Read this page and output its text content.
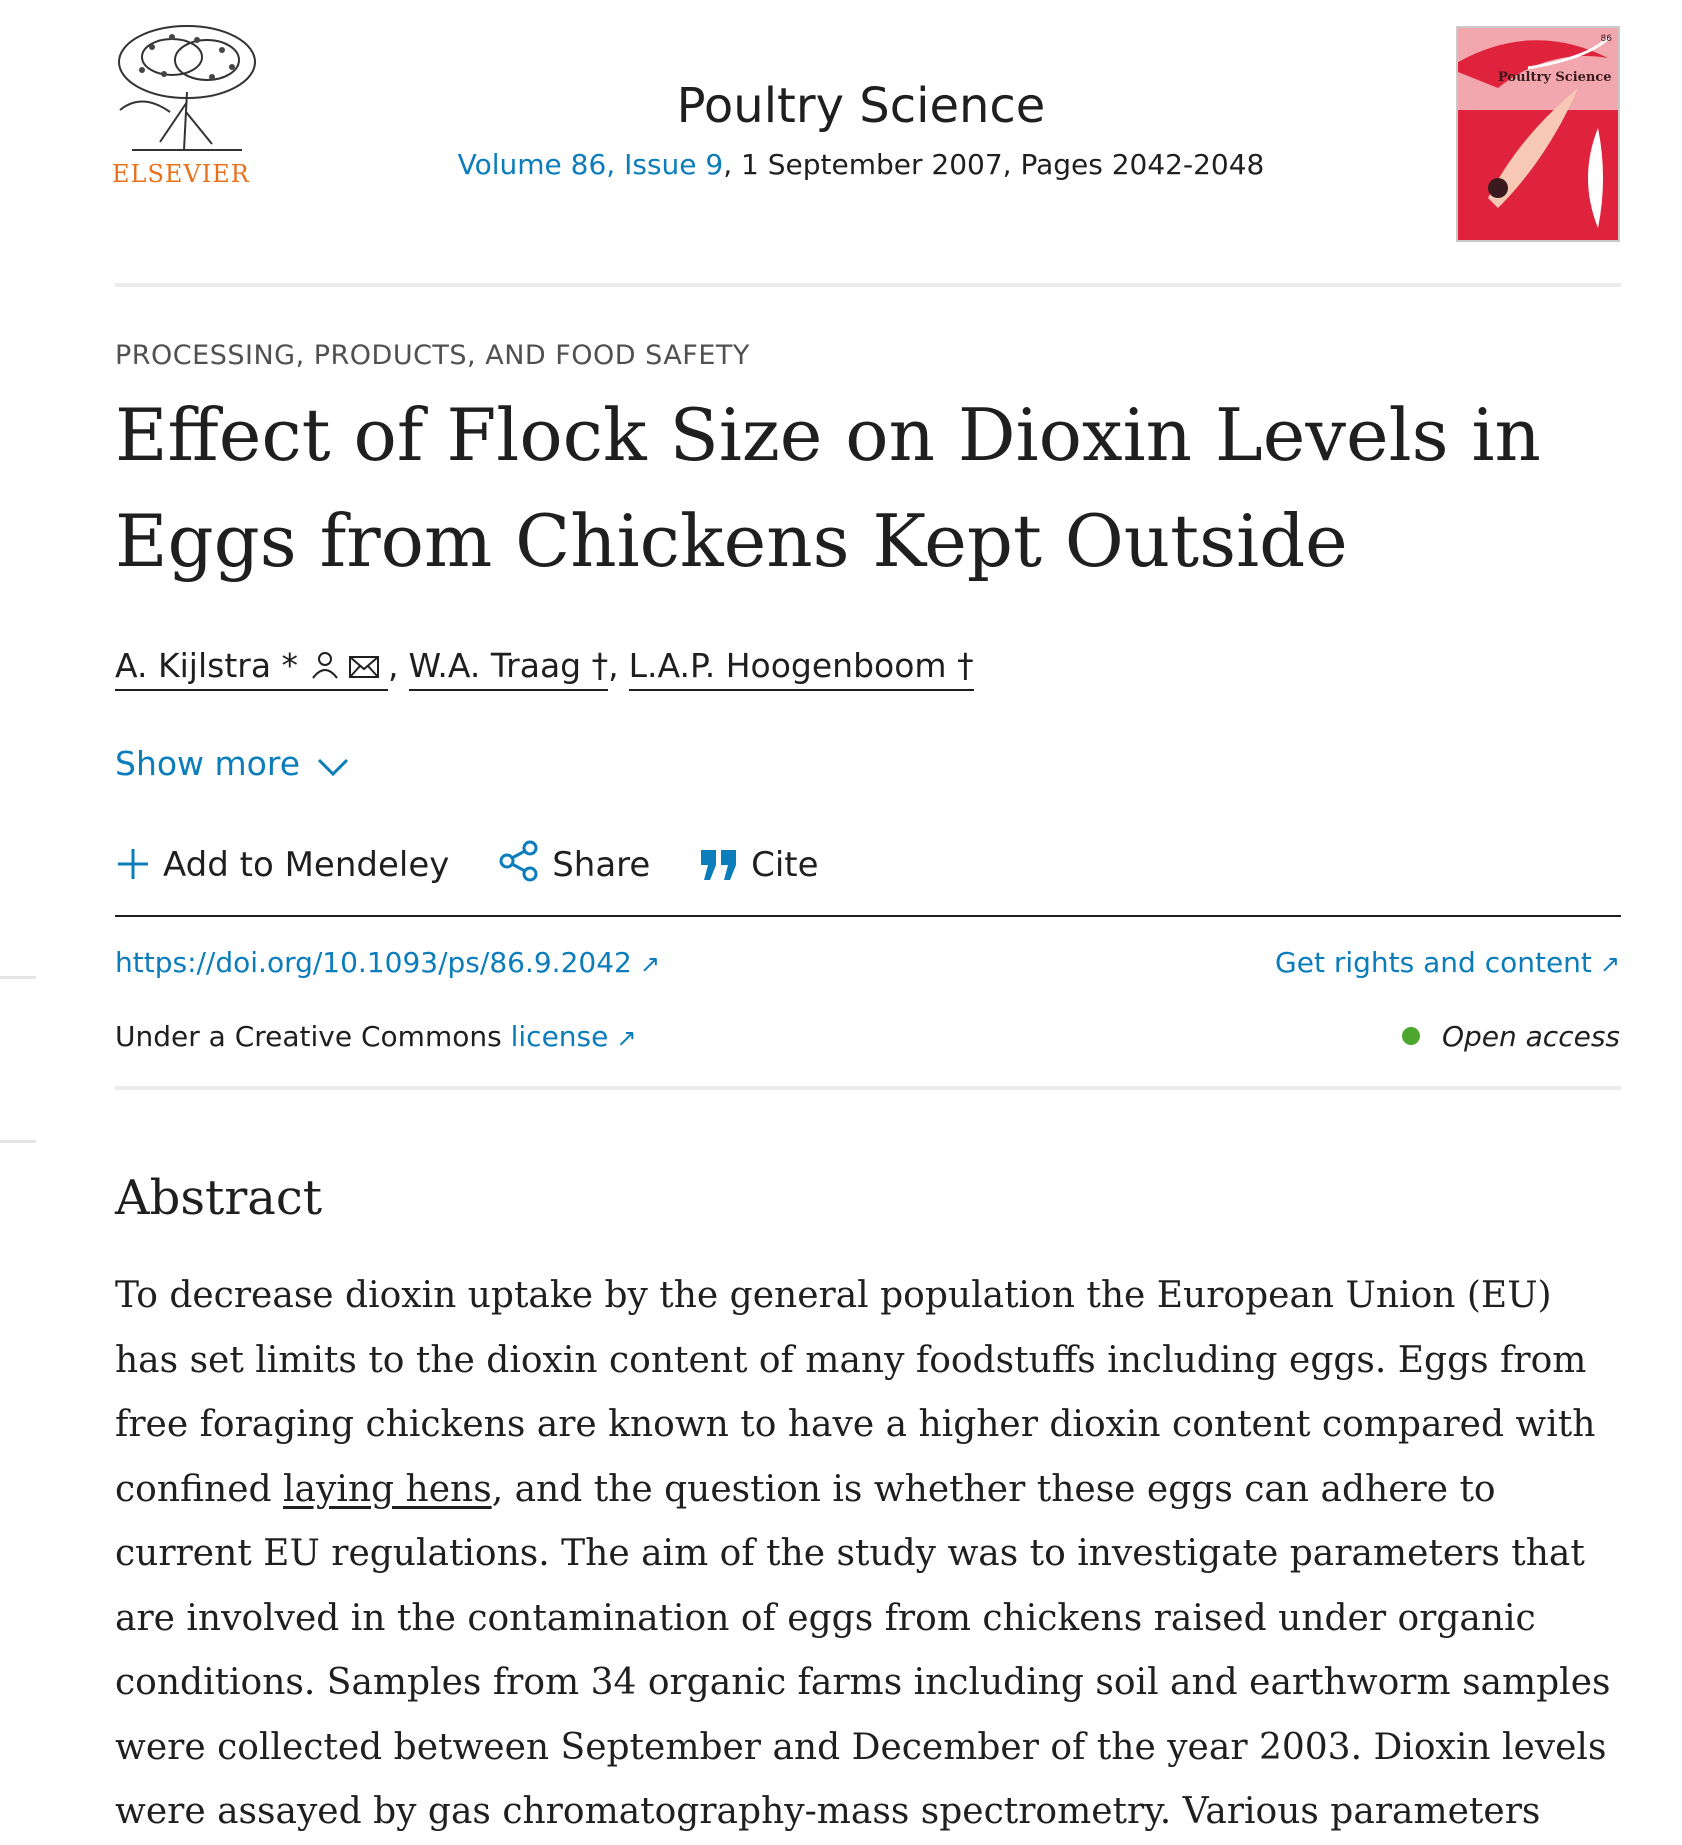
ELSEVIER
Poultry Science
Volume 86, Issue 9, 1 September 2007, Pages 2042-2048
86
Poultry Science
PROCESSING, PRODUCTS, AND FOOD SAFETY
Effect of Flock Size on Dioxin Levels in Eggs from Chickens Kept Outside
A. Kijlstra *	, W.A. Traag †, L.A.P. Hoogenboom †
Show more
Add to Mendeley	Share	Cite
https://doi.org/10.1093/ps/86.9.2042 ↗	Get rights and content ↗
Under a Creative Commons license ↗	Open access
Abstract

To decrease dioxin uptake by the general population the European Union (EU) has set limits to the dioxin content of many foodstuffs including eggs. Eggs from free foraging chickens are known to have a higher dioxin content compared with confined laying hens, and the question is whether these eggs can adhere to current EU regulations. The aim of the study was to investigate parameters that are involved in the contamination of eggs from chickens raised under organic conditions. Samples from 34 organic farms including soil and earthworm samples were collected between September and December of the year 2003. Dioxin levels were assayed by gas chromatography-mass spectrometry. Various parameters
